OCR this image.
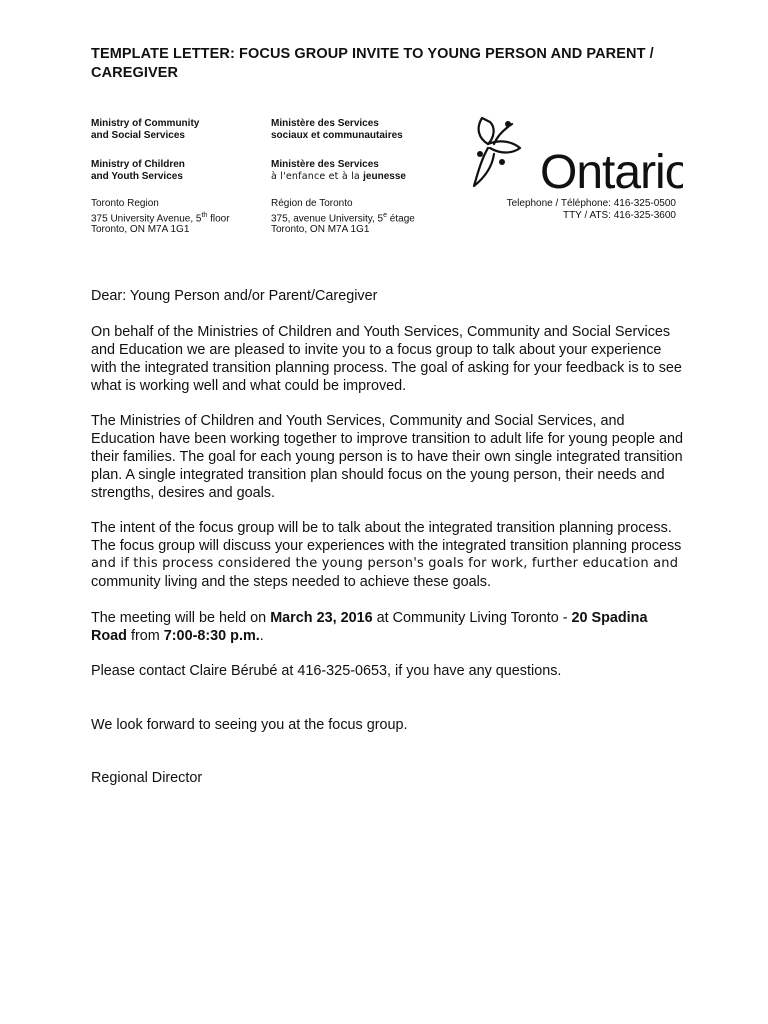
TEMPLATE LETTER: FOCUS GROUP INVITE TO YOUNG PERSON AND PARENT /
CAREGIVER
Ministry of Community
and Social Services
Ministry of Children
and Youth Services
Toronto Region
375 University Avenue, 5th floor
Toronto, ON M7A 1G1
Ministère des Services
sociaux et communautaires
Ministère des Services
à l'enfance et à la jeunesse
Région de Toronto
375, avenue University, 5e étage
Toronto, ON M7A 1G1
Telephone / Téléphone: 416-325-0500
TTY / ATS: 416-325-3600
Ontario
Dear: Young Person and/or Parent/Caregiver
On behalf of the Ministries of Children and Youth Services, Community and Social Services
and Education we are pleased to invite you to a focus group to talk about your experience
with the integrated transition planning process. The goal of asking for your feedback is to see
what is working well and what could be improved.
The Ministries of Children and Youth Services, Community and Social Services, and
Education have been working together to improve transition to adult life for young people and
their families. The goal for each young person is to have their own single integrated transition
plan. A single integrated transition plan should focus on the young person, their needs and
strengths, desires and goals.
The intent of the focus group will be to talk about the integrated transition planning process.
The focus group will discuss your experiences with the integrated transition planning process
and if this process considered the young person's goals for work, further education and
community living and the steps needed to achieve these goals.
The meeting will be held on March 23, 2016 at Community Living Toronto - 20 Spadina
Road from 7:00-8:30 p.m..
Please contact Claire Bérubé at 416-325-0653, if you have any questions.
We look forward to seeing you at the focus group.
Regional Director
